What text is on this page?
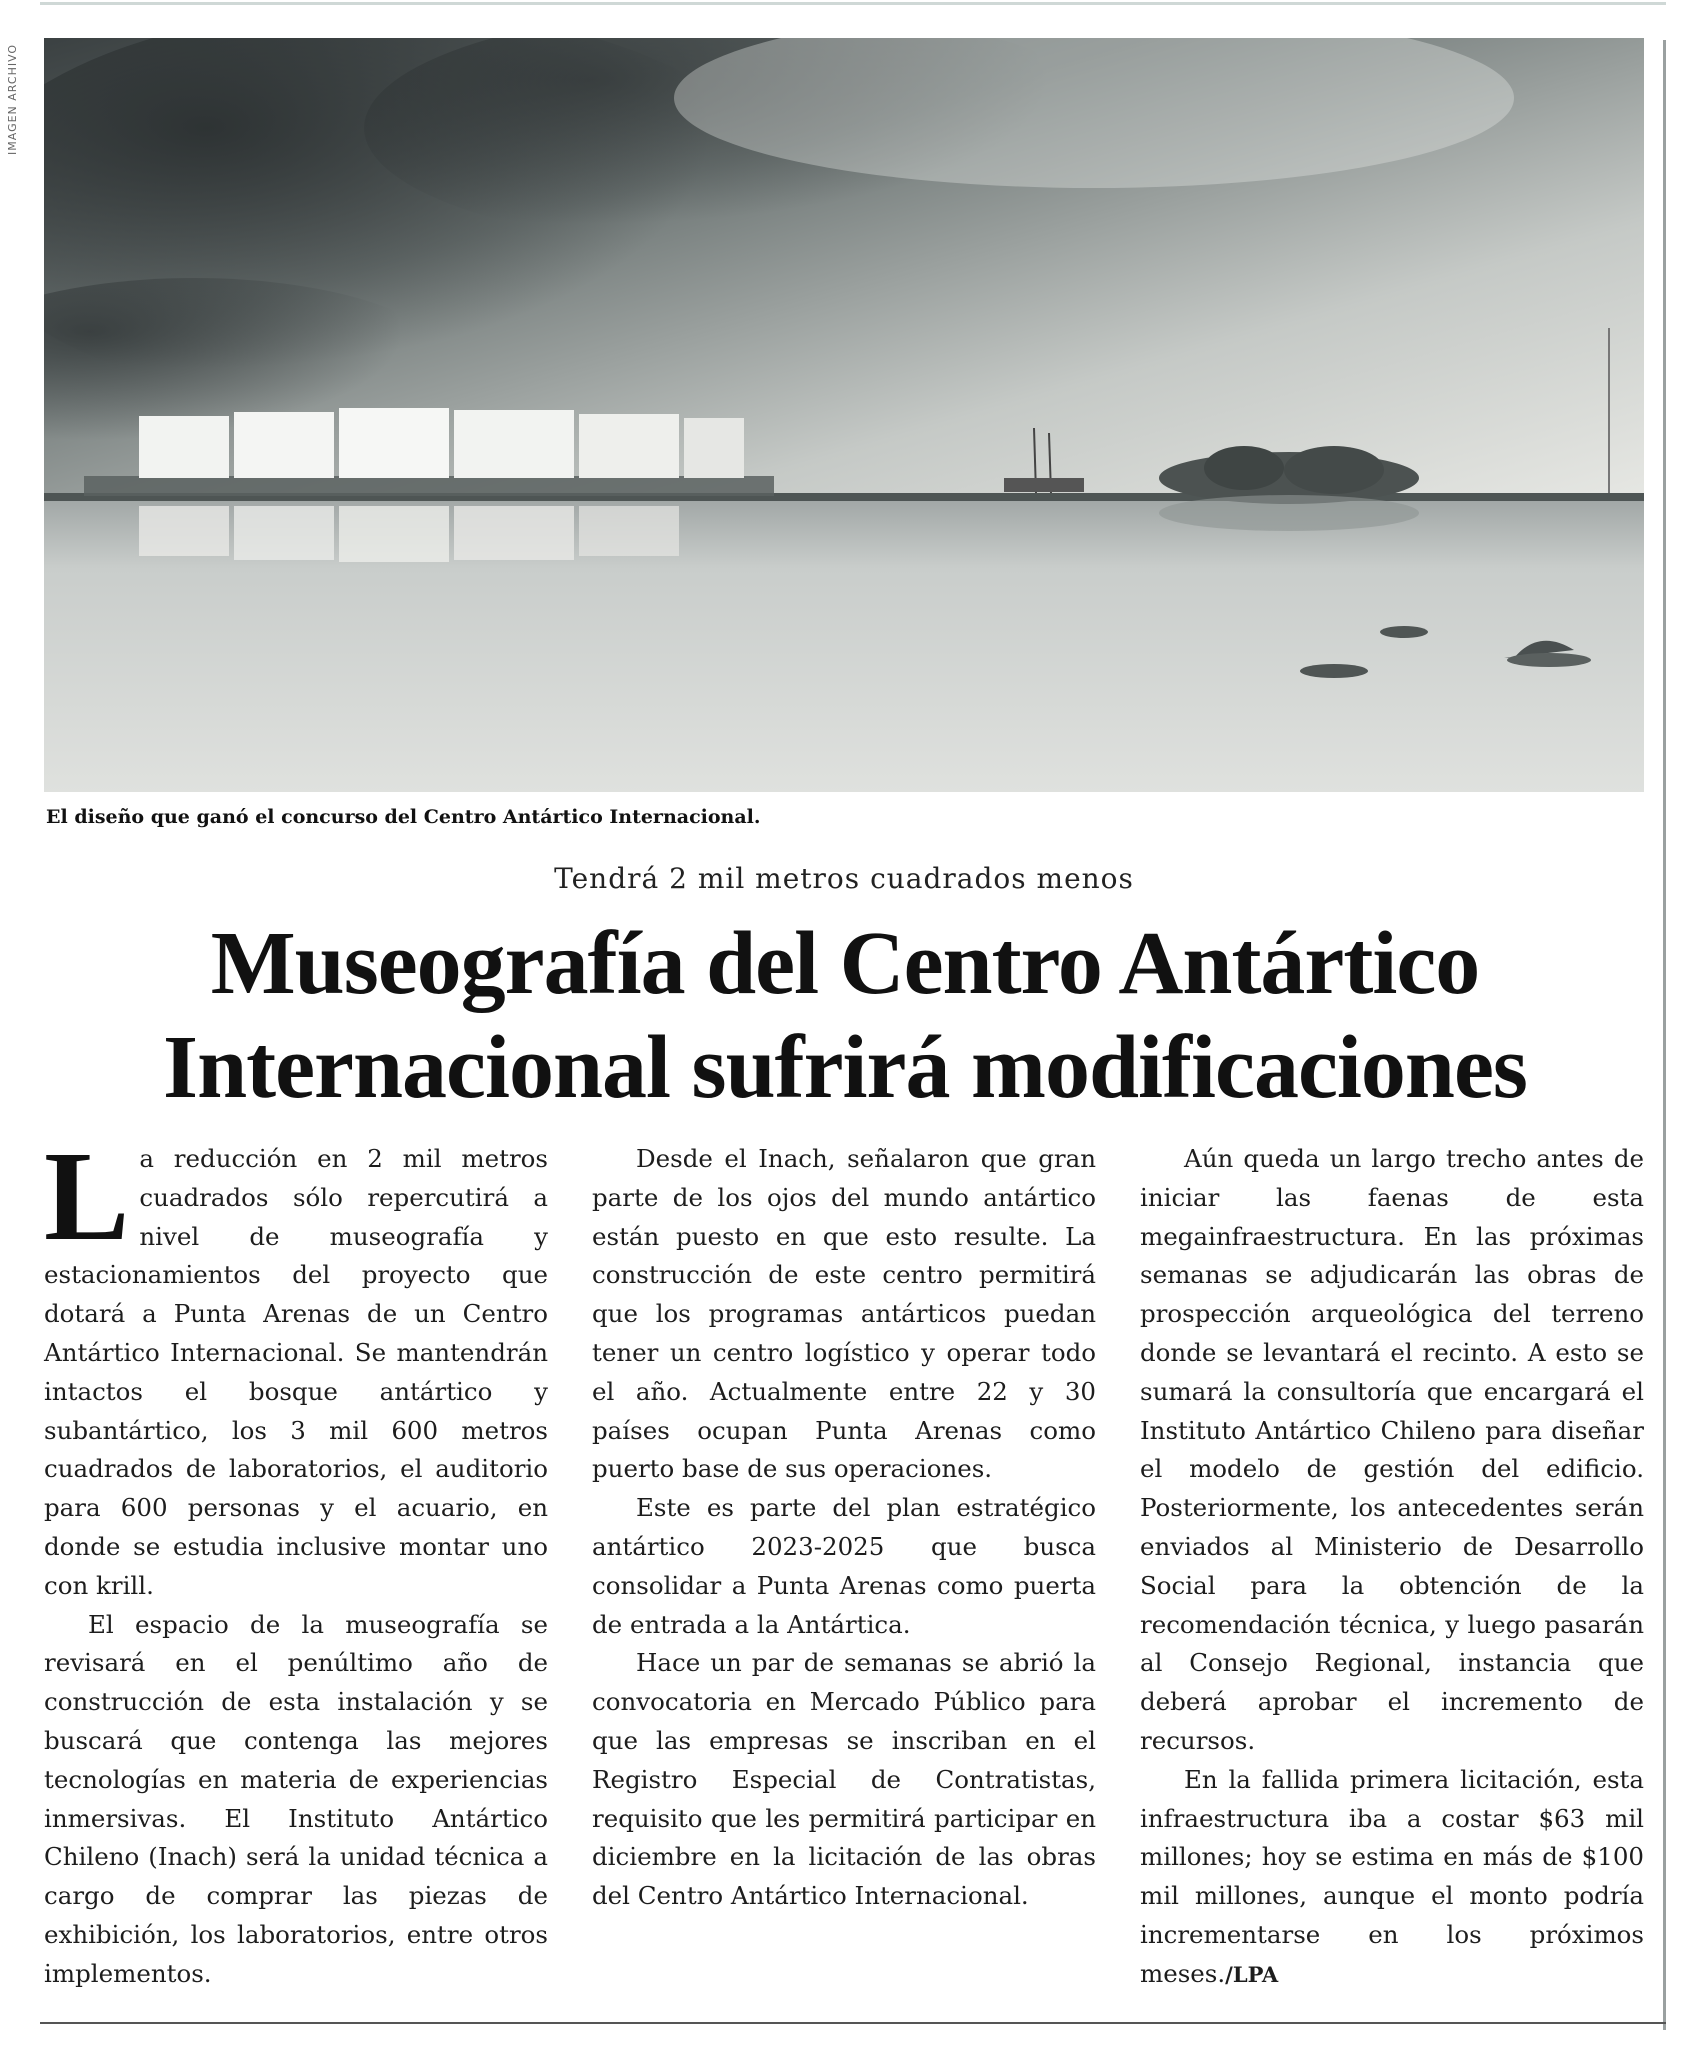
IMAGEN ARCHIVO
El diseño que ganó el concurso del Centro Antártico Internacional.
Tendrá 2 mil metros cuadrados menos
Museografía del Centro Antártico Internacional sufrirá modificaciones

La reducción en 2 mil metros cuadrados sólo repercutirá a nivel de museografía y estacionamientos del proyecto que dotará a Punta Arenas de un Centro Antártico Internacional. Se mantendrán intactos el bosque antártico y subantártico, los 3 mil 600 metros cuadrados de laboratorios, el auditorio para 600 personas y el acuario, en donde se estudia inclusive montar uno con krill.

El espacio de la museografía se revisará en el penúltimo año de construcción de esta instalación y se buscará que contenga las mejores tecnologías en materia de experiencias inmersivas. El Instituto Antártico Chileno (Inach) será la unidad técnica a cargo de comprar las piezas de exhibición, los laboratorios, entre otros implementos.

Desde el Inach, señalaron que gran parte de los ojos del mundo antártico están puesto en que esto resulte. La construcción de este centro permitirá que los programas antárticos puedan tener un centro logístico y operar todo el año. Actualmente entre 22 y 30 países ocupan Punta Arenas como puerto base de sus operaciones.

Este es parte del plan estratégico antártico 2023-2025 que busca consolidar a Punta Arenas como puerta de entrada a la Antártica.

Hace un par de semanas se abrió la convocatoria en Mercado Público para que las empresas se inscriban en el Registro Especial de Contratistas, requisito que les permitirá participar en diciembre en la licitación de las obras del Centro Antártico Internacional.

Aún queda un largo trecho antes de iniciar las faenas de esta megainfraestructura. En las próximas semanas se adjudicarán las obras de prospección arqueológica del terreno donde se levantará el recinto. A esto se sumará la consultoría que encargará el Instituto Antártico Chileno para diseñar el modelo de gestión del edificio. Posteriormente, los antecedentes serán enviados al Ministerio de Desarrollo Social para la obtención de la recomendación técnica, y luego pasarán al Consejo Regional, instancia que deberá aprobar el incremento de recursos.

En la fallida primera licitación, esta infraestructura iba a costar $63 mil millones; hoy se estima en más de $100 mil millones, aunque el monto podría incrementarse en los próximos meses./LPA
